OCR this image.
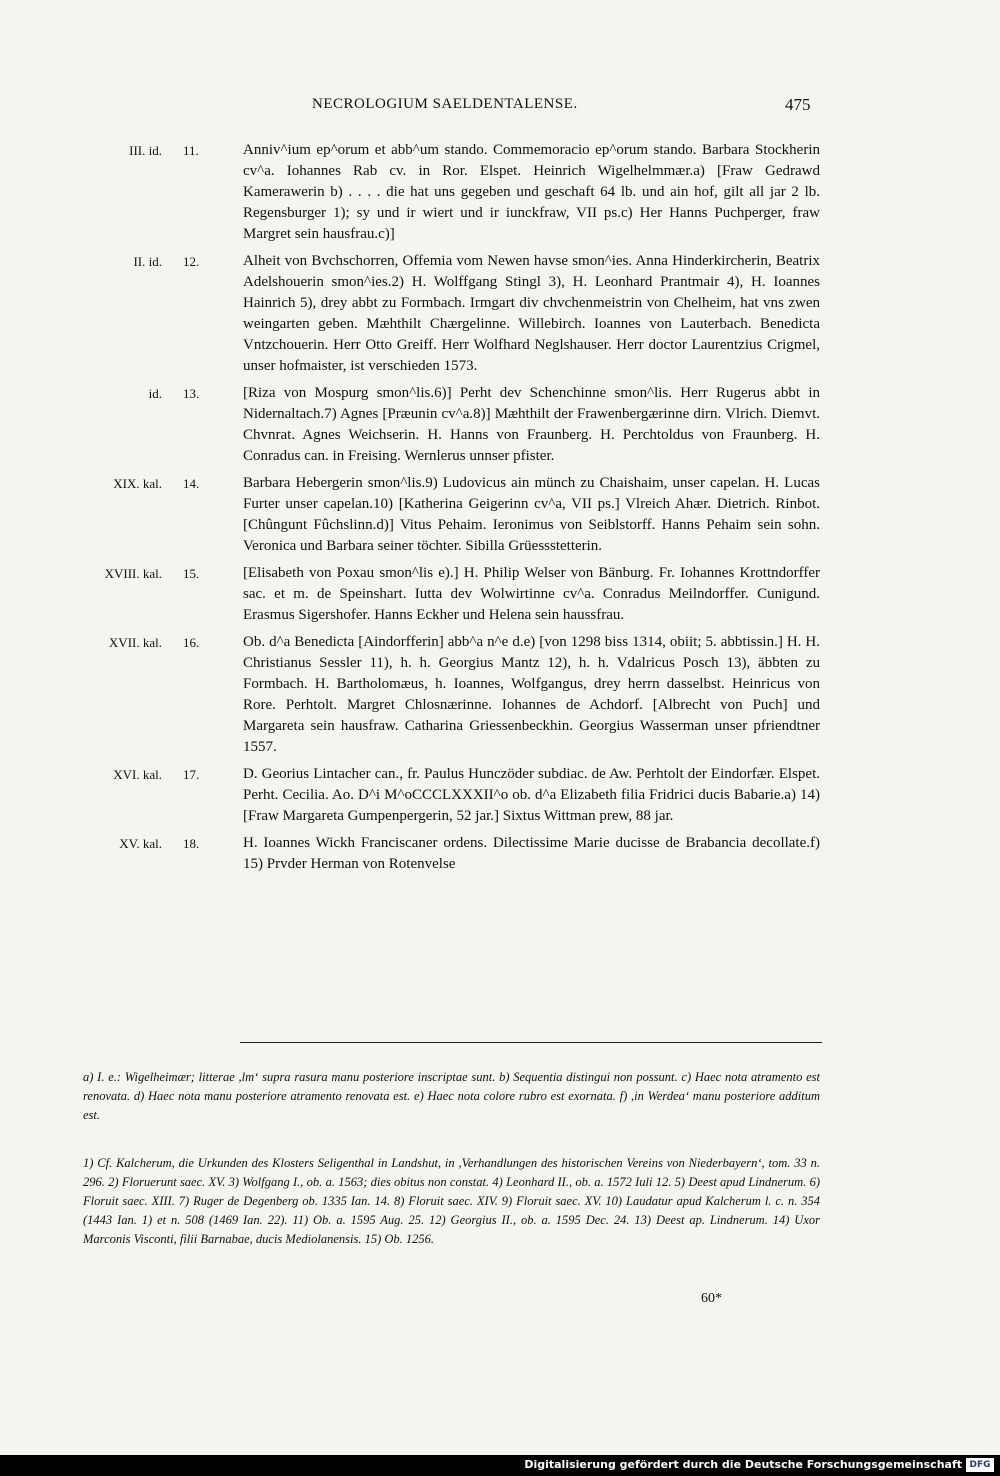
NECROLOGIUM SAELDENTALENSE.	475
III. id. 11.	Anniv^ium ep^orum et abb^um stando. Commemoracio ep^orum stando. Barbara Stockherin cv^a. Iohannes Rab cv. in Ror. Elspet. Heinrich Wigelhelmmær.a) [Fraw Gedrawd Kamerawerin b) . . . . die hat uns gegeben und geschaft 64 lb. und ain hof, gilt all jar 2 lb. Regensburger 1); sy und ir wiert und ir iunckfraw, VII ps.c) Her Hanns Puchperger, fraw Margret sein hausfrau.c)]
II. id. 12.	Alheit von Bvchschorren, Offemia vom Newen havse smon^ies. Anna Hinderkircherin, Beatrix Adelshouerin smon^ies.2) H. Wolffgang Stingl 3), H. Leonhard Prantmair 4), H. Ioannes Hainrich 5), drey abbt zu Formbach. Irmgart div chvchenmeistrin von Chelheim, hat vns zwen weingarten geben. Mæhthilt Chærgelinne. Willebirch. Ioannes von Lauterbach. Benedicta Vntzchouerin. Herr Otto Greiff. Herr Wolfhard Neglshauser. Herr doctor Laurentzius Crigmel, unser hofmaister, ist verschieden 1573.
id. 13.	[Riza von Mospurg smon^lis.6)] Perht dev Schenchinne smon^lis. Herr Rugerus abbt in Nidernaltach.7) Agnes [Præunin cv^a.8)] Mæhthilt der Frawenbergærinne dirn. Vlrich. Diemvt. Chvnrat. Agnes Weichserin. H. Hanns von Fraunberg. H. Perchtoldus von Fraunberg. H. Conradus can. in Freising. Wernlerus unnser pfister.
XIX. kal. 14.	Barbara Hebergerin smon^lis.9) Ludovicus ain münch zu Chaishaim, unser capelan. H. Lucas Furter unser capelan.10) [Katherina Geigerinn cv^a, VII ps.] Vlreich Ahær. Dietrich. Rinbot. [Chûngunt Fûchslinn.d)] Vitus Pehaim. Ieronimus von Seiblstorff. Hanns Pehaim sein sohn. Veronica und Barbara seiner töchter. Sibilla Grüessstetterin.
XVIII. kal. 15.	[Elisabeth von Poxau smon^lis e).] H. Philip Welser von Bänburg. Fr. Iohannes Krottndorffer sac. et m. de Speinshart. Iutta dev Wolwirtinne cv^a. Conradus Meilndorffer. Cunigund. Erasmus Sigershofer. Hanns Eckher und Helena sein haussfrau.
XVII. kal. 16.	Ob. d^a Benedicta [Aindorfferin] abb^a n^e d.e) [von 1298 biss 1314, obiit; 5. abbtissin.] H. H. Christianus Sessler 11), h. h. Georgius Mantz 12), h. h. Vdalricus Posch 13), äbbten zu Formbach. H. Bartholomæus, h. Ioannes, Wolfgangus, drey herrn dasselbst. Heinricus von Rore. Perhtolt. Margret Chlosnærinne. Iohannes de Achdorf. [Albrecht von Puch] und Margareta sein hausfraw. Catharina Griessenbeckhin. Georgius Wasserman unser pfriendtner 1557.
XVI. kal. 17.	D. Georius Lintacher can., fr. Paulus Hunczöder subdiac. de Aw. Perhtolt der Eindorfær. Elspet. Perht. Cecilia. Ao. D^i M^oCCCLXXXII^o ob. d^a Elizabeth filia Fridrici ducis Babarie.a) 14) [Fraw Margareta Gumpenpergerin, 52 jar.] Sixtus Wittman prew, 88 jar.
XV. kal. 18.	H. Ioannes Wickh Franciscaner ordens. Dilectissime Marie ducisse de Brabancia decollate.f) 15) Prvder Herman von Rotenvelse
a) I. e.: Wigelheimær; litterae ,lm‘ supra rasura manu posteriore inscriptae sunt. b) Sequentia distingui non possunt. c) Haec nota atramento est renovata. d) Haec nota manu posteriore atramento renovata est. e) Haec nota colore rubro est exornata. f) ,in Werdea‘ manu posteriore additum est.
1) Cf. Kalcherum, die Urkunden des Klosters Seligenthal in Landshut, in ,Verhandlungen des historischen Vereins von Niederbayern‘, tom. 33 n. 296. 2) Floruerunt saec. XV. 3) Wolfgang I., ob. a. 1563; dies obitus non constat. 4) Leonhard II., ob. a. 1572 Iuli 12. 5) Deest apud Lindnerum. 6) Floruit saec. XIII. 7) Ruger de Degenberg ob. 1335 Ian. 14. 8) Floruit saec. XIV. 9) Floruit saec. XV. 10) Laudatur apud Kalcherum l. c. n. 354 (1443 Ian. 1) et n. 508 (1469 Ian. 22). 11) Ob. a. 1595 Aug. 25. 12) Georgius II., ob. a. 1595 Dec. 24. 13) Deest ap. Lindnerum. 14) Uxor Marconis Visconti, filii Barnabae, ducis Mediolanensis. 15) Ob. 1256.
60*
Digitalisierung gefördert durch die Deutsche Forschungsgemeinschaft DFG
